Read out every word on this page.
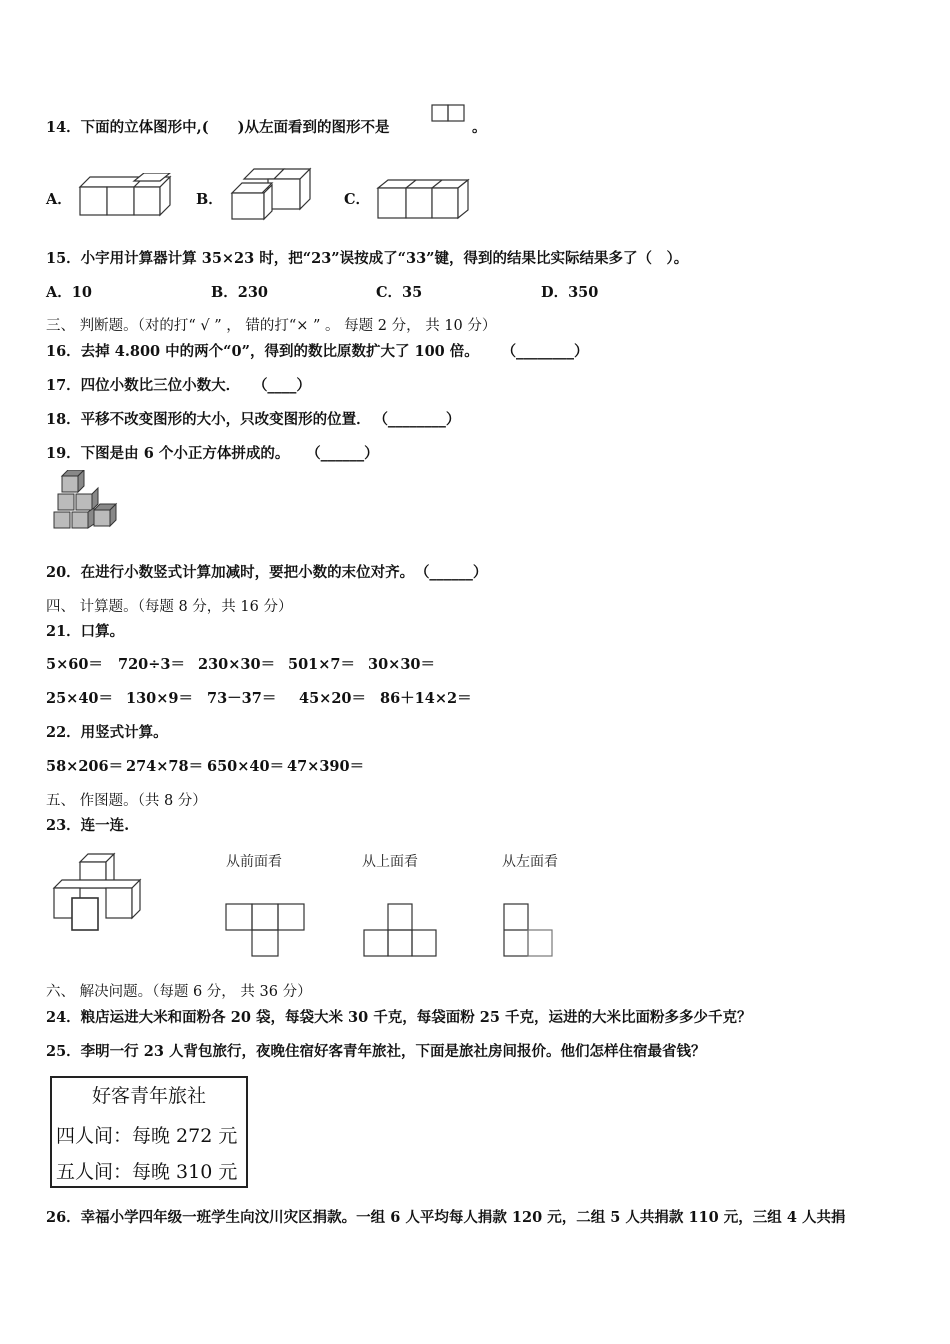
14．下面的立体图形中,(　　)从左面看到的图形不是	。
A．	B．	C．
15．小宇用计算器计算 35×23 时，把“23”误按成了“33”键，得到的结果比实际结果多了（　）。
A．10	B．230	C．35	D．350
三、 判断题。（对的打“ √ ” ， 错的打“× ” 。 每题 2 分， 共 10 分）
16．去掉 4.800 中的两个“0”，得到的数比原数扩大了 100 倍。 （________）
17．四位小数比三位小数大． （____）
18．平移不改变图形的大小，只改变图形的位置． （________）
19．下图是由 6 个小正方体拼成的。 （______）
20．在进行小数竖式计算加减时，要把小数的末位对齐。 （______）
四、 计算题。（每题 8 分，共 16 分）
21．口算。
5×60＝ 720÷3＝ 230×30＝ 501×7＝ 30×30＝
25×40＝ 130×9＝ 73－37＝ 45×20＝ 86＋14×2＝
22．用竖式计算。
58×206＝ 274×78＝ 650×40＝ 47×390＝
五、 作图题。（共 8 分）
23．连一连.
从前面看	从上面看	从左面看
六、 解决问题。（每题 6 分， 共 36 分）
24．粮店运进大米和面粉各 20 袋，每袋大米 30 千克，每袋面粉 25 千克，运进的大米比面粉多多少千克？
25．李明一行 23 人背包旅行，夜晚住宿好客青年旅社，下面是旅社房间报价。他们怎样住宿最省钱？
好客青年旅社
四人间：每晚 272 元
五人间：每晚 310 元
26．幸福小学四年级一班学生向汶川灾区捐款。一组 6 人平均每人捐款 120 元，二组 5 人共捐款 110 元，三组 4 人共捐
